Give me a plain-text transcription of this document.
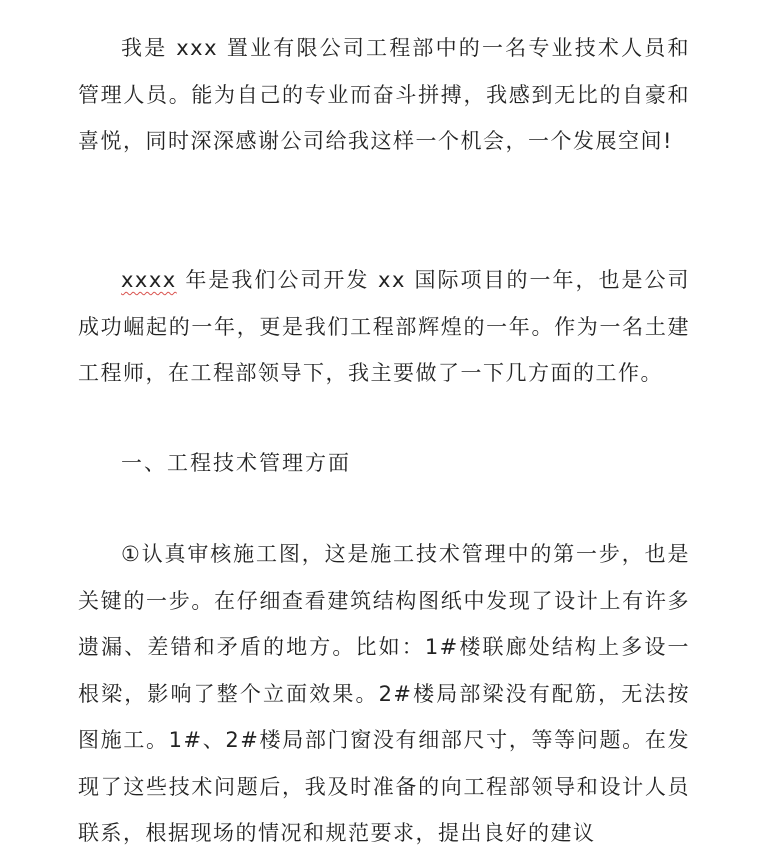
我是 xxx 置业有限公司工程部中的一名专业技术人员和管理人员。能为自己的专业而奋斗拼搏，我感到无比的自豪和喜悦，同时深深感谢公司给我这样一个机会，一个发展空间!

xxxx 年是我们公司开发 xx 国际项目的一年，也是公司成功崛起的一年，更是我们工程部辉煌的一年。作为一名土建工程师，在工程部领导下，我主要做了一下几方面的工作。

一、工程技术管理方面

①认真审核施工图，这是施工技术管理中的第一步，也是关键的一步。在仔细查看建筑结构图纸中发现了设计上有许多遗漏、差错和矛盾的地方。比如：1#楼联廊处结构上多设一根梁，影响了整个立面效果。2#楼局部梁没有配筋，无法按图施工。1#、2#楼局部门窗没有细部尺寸，等等问题。在发现了这些技术问题后，我及时准备的向工程部领导和设计人员联系，根据现场的情况和规范要求，提出良好的建议
